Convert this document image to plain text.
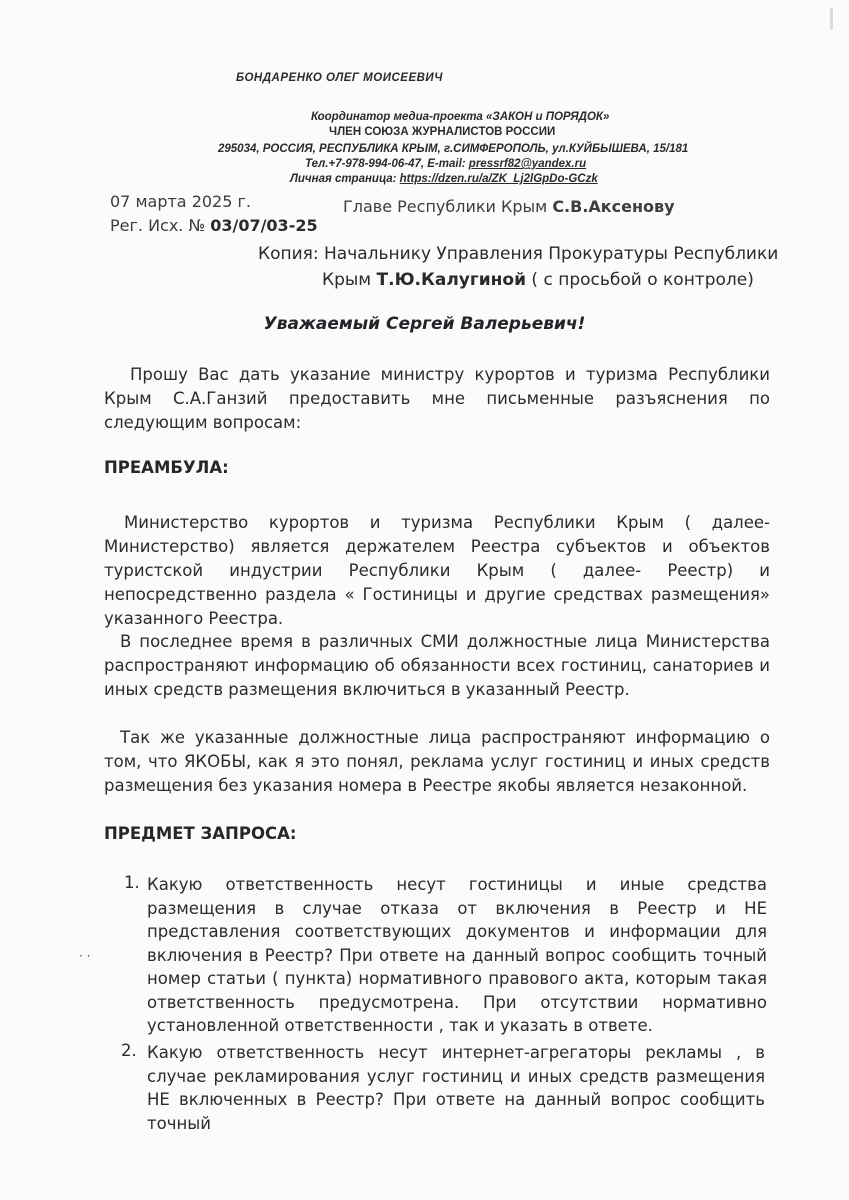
БОНДАРЕНКО ОЛЕГ МОИСЕЕВИЧ
Координатор медиа-проекта «ЗАКОН и ПОРЯДОК»
ЧЛЕН СОЮЗА ЖУРНАЛИСТОВ РОССИИ
295034, РОССИЯ, РЕСПУБЛИКА КРЫМ, г.СИМФЕРОПОЛЬ, ул.КУЙБЫШЕВА, 15/181
Тел.+7-978-994-06-47, E-mail: pressrf82@yandex.ru
Личная страница: https://dzen.ru/a/ZK_Lj2lGpDo-GCzk
07 марта 2025 г.
Рег. Исх. № 03/07/03-25
Главе Республики Крым С.В.Аксенову
Копия: Начальнику Управления Прокуратуры Республики
Крым Т.Ю.Калугиной ( с просьбой о контроле)
Уважаемый Сергей Валерьевич!
Прошу Вас дать указание министру курортов и туризма Республики Крым С.А.Ганзий предоставить мне письменные разъяснения по следующим вопросам:
ПРЕАМБУЛА:
Министерство курортов и туризма Республики Крым ( далее-Министерство) является держателем Реестра субъектов и объектов туристской индустрии Республики Крым ( далее- Реестр) и непосредственно раздела « Гостиницы и другие средствах размещения» указанного Реестра.
В последнее время в различных СМИ должностные лица Министерства распространяют информацию об обязанности всех гостиниц, санаториев и иных средств размещения включиться в указанный Реестр.
Так же указанные должностные лица распространяют информацию о том, что ЯКОБЫ, как я это понял, реклама услуг гостиниц и иных средств размещения без указания номера в Реестре якобы является незаконной.
ПРЕДМЕТ ЗАПРОСА:
1. Какую ответственность несут гостиницы и иные средства размещения в случае отказа от включения в Реестр и НЕ представления соответствующих документов и информации для включения в Реестр? При ответе на данный вопрос сообщить точный номер статьи ( пункта) нормативного правового акта, которым такая ответственность предусмотрена. При отсутствии нормативно установленной ответственности , так и указать в ответе.
· ·
2. Какую ответственность несут интернет-агрегаторы рекламы , в случае рекламирования услуг гостиниц и иных средств размещения НЕ включенных в Реестр? При ответе на данный вопрос сообщить точный
